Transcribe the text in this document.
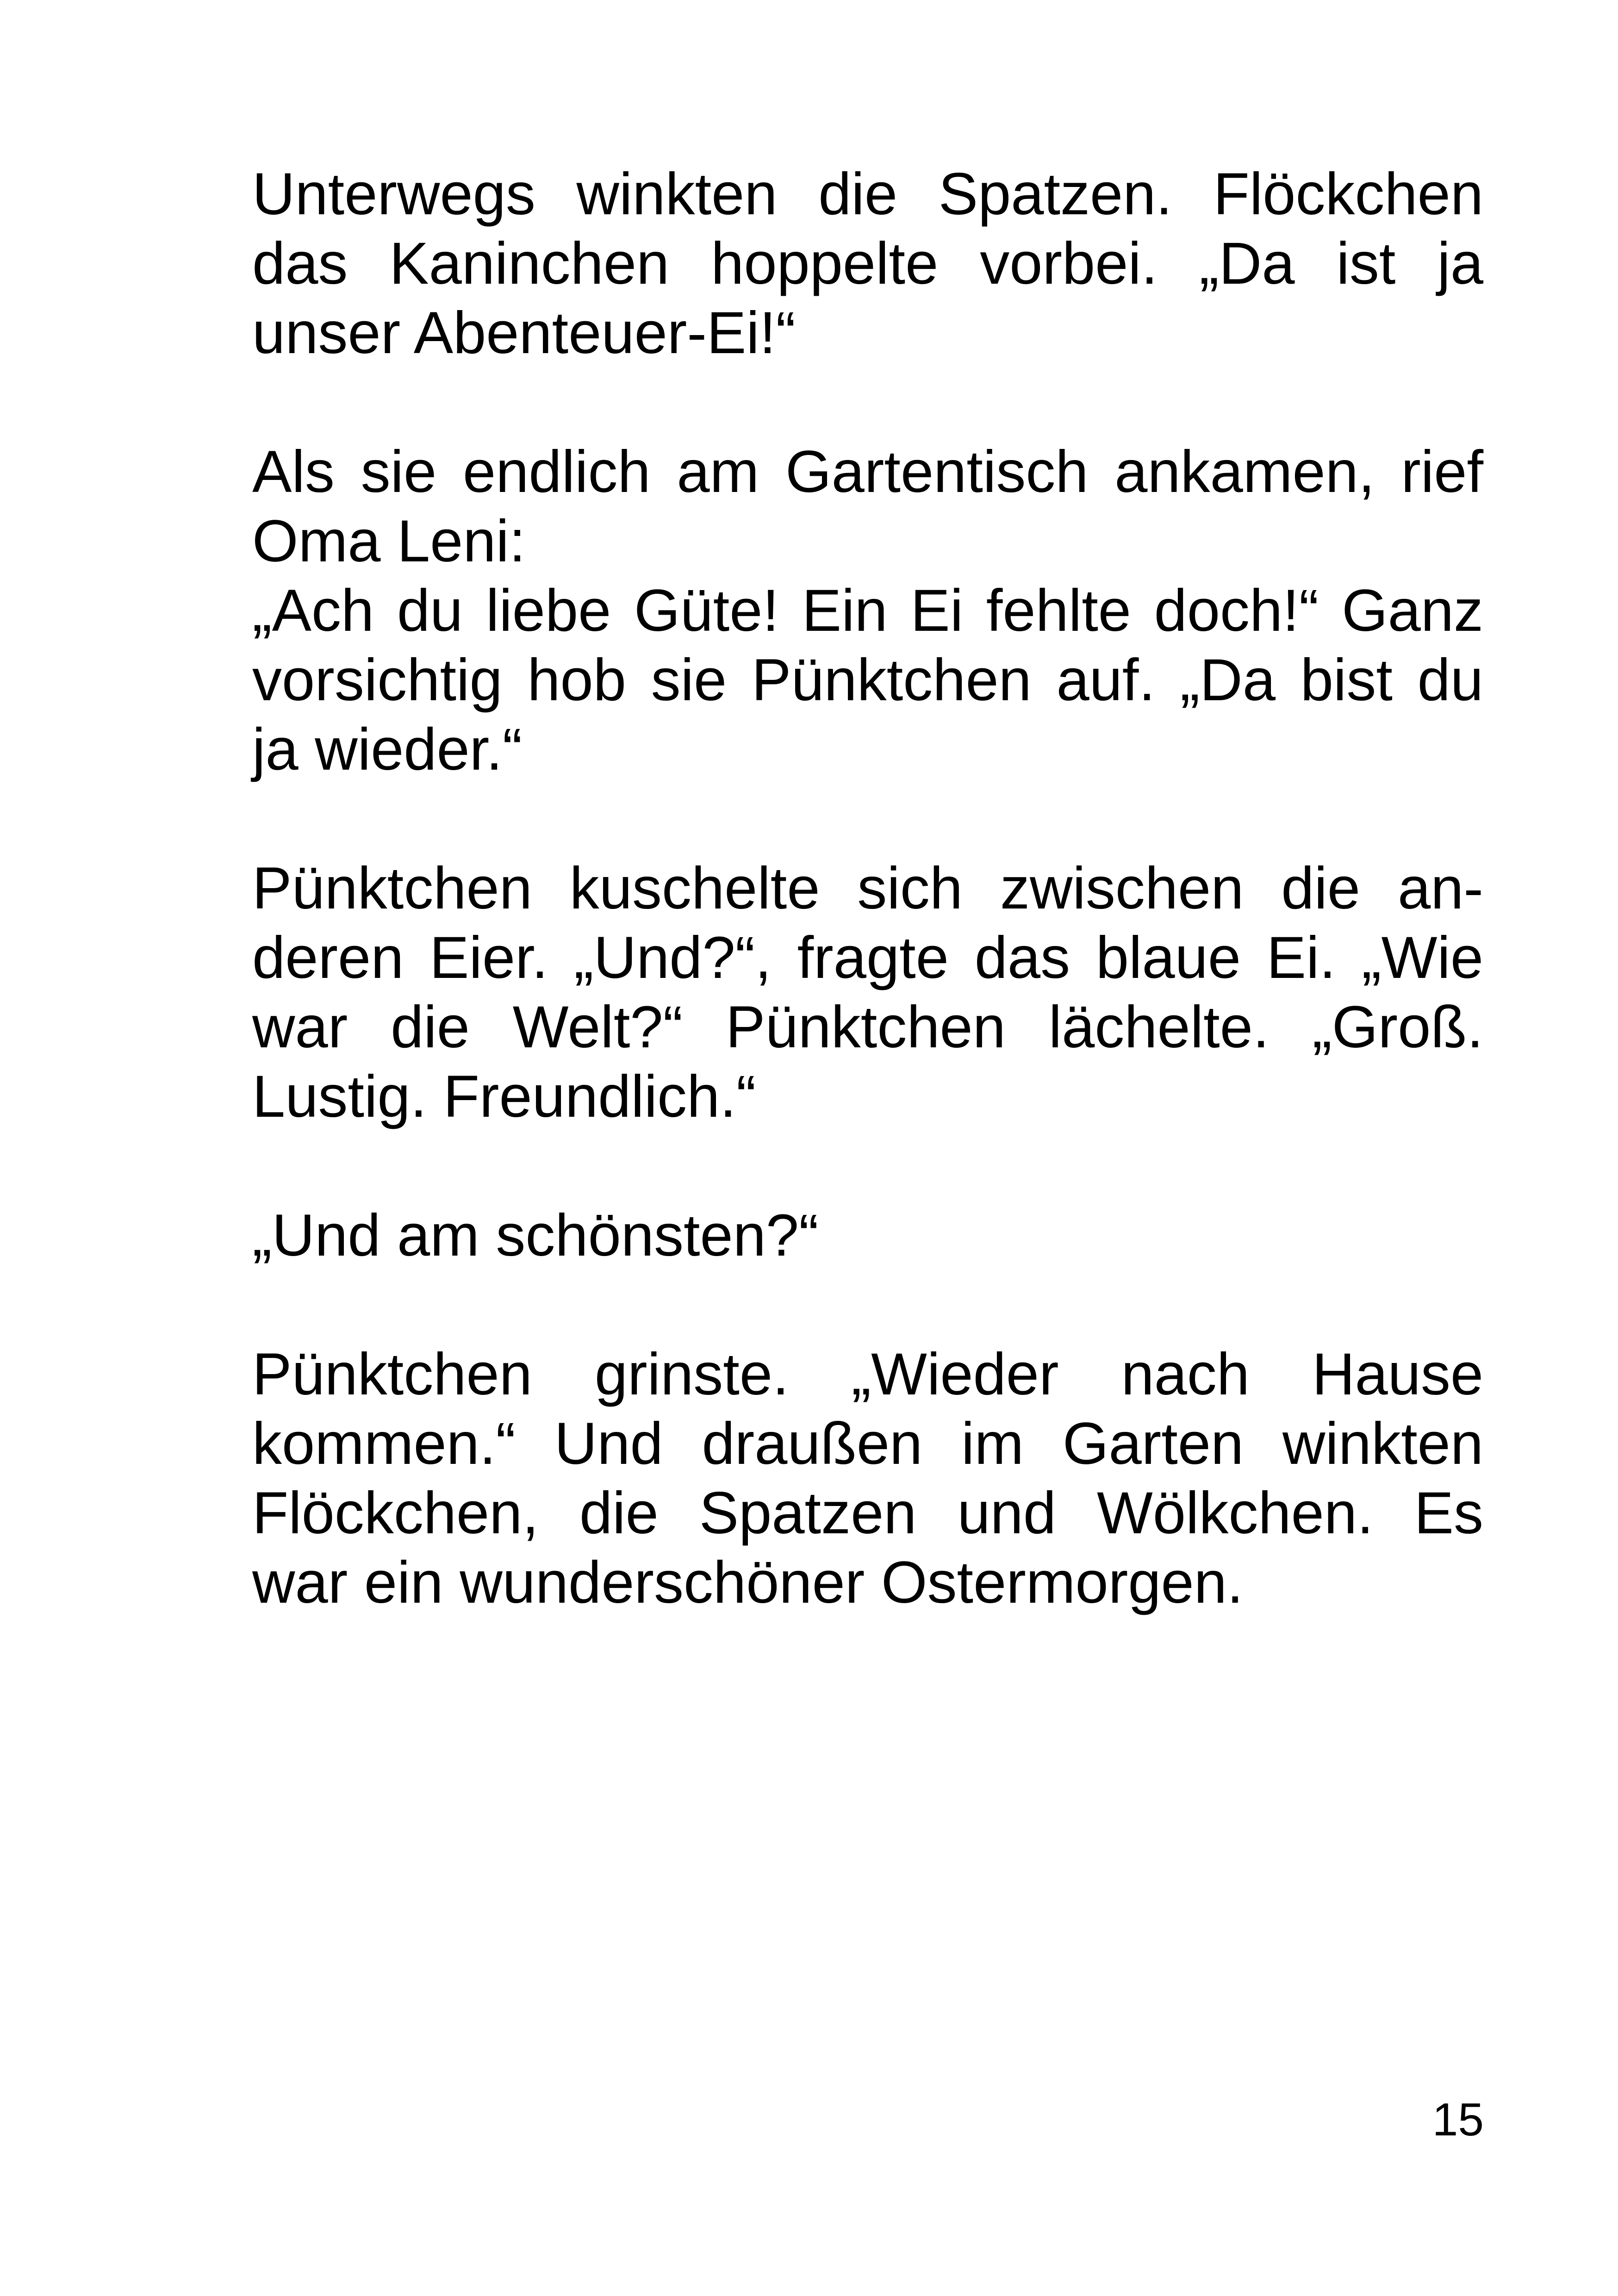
Unterwegs winkten die Spatzen. Flöckchen
das Kaninchen hoppelte vorbei. „Da ist ja
unser Abenteuer-Ei!“

Als sie endlich am Gartentisch ankamen, rief
Oma Leni:
„Ach du liebe Güte! Ein Ei fehlte doch!“ Ganz
vorsichtig hob sie Pünktchen auf. „Da bist du
ja wieder.“

Pünktchen kuschelte sich zwischen die an-
deren Eier. „Und?“, fragte das blaue Ei. „Wie
war die Welt?“ Pünktchen lächelte. „Groß.
Lustig. Freundlich.“

„Und am schönsten?“

Pünktchen grinste. „Wieder nach Hause
kommen.“ Und draußen im Garten winkten
Flöckchen, die Spatzen und Wölkchen. Es
war ein wunderschöner Ostermorgen.

15
